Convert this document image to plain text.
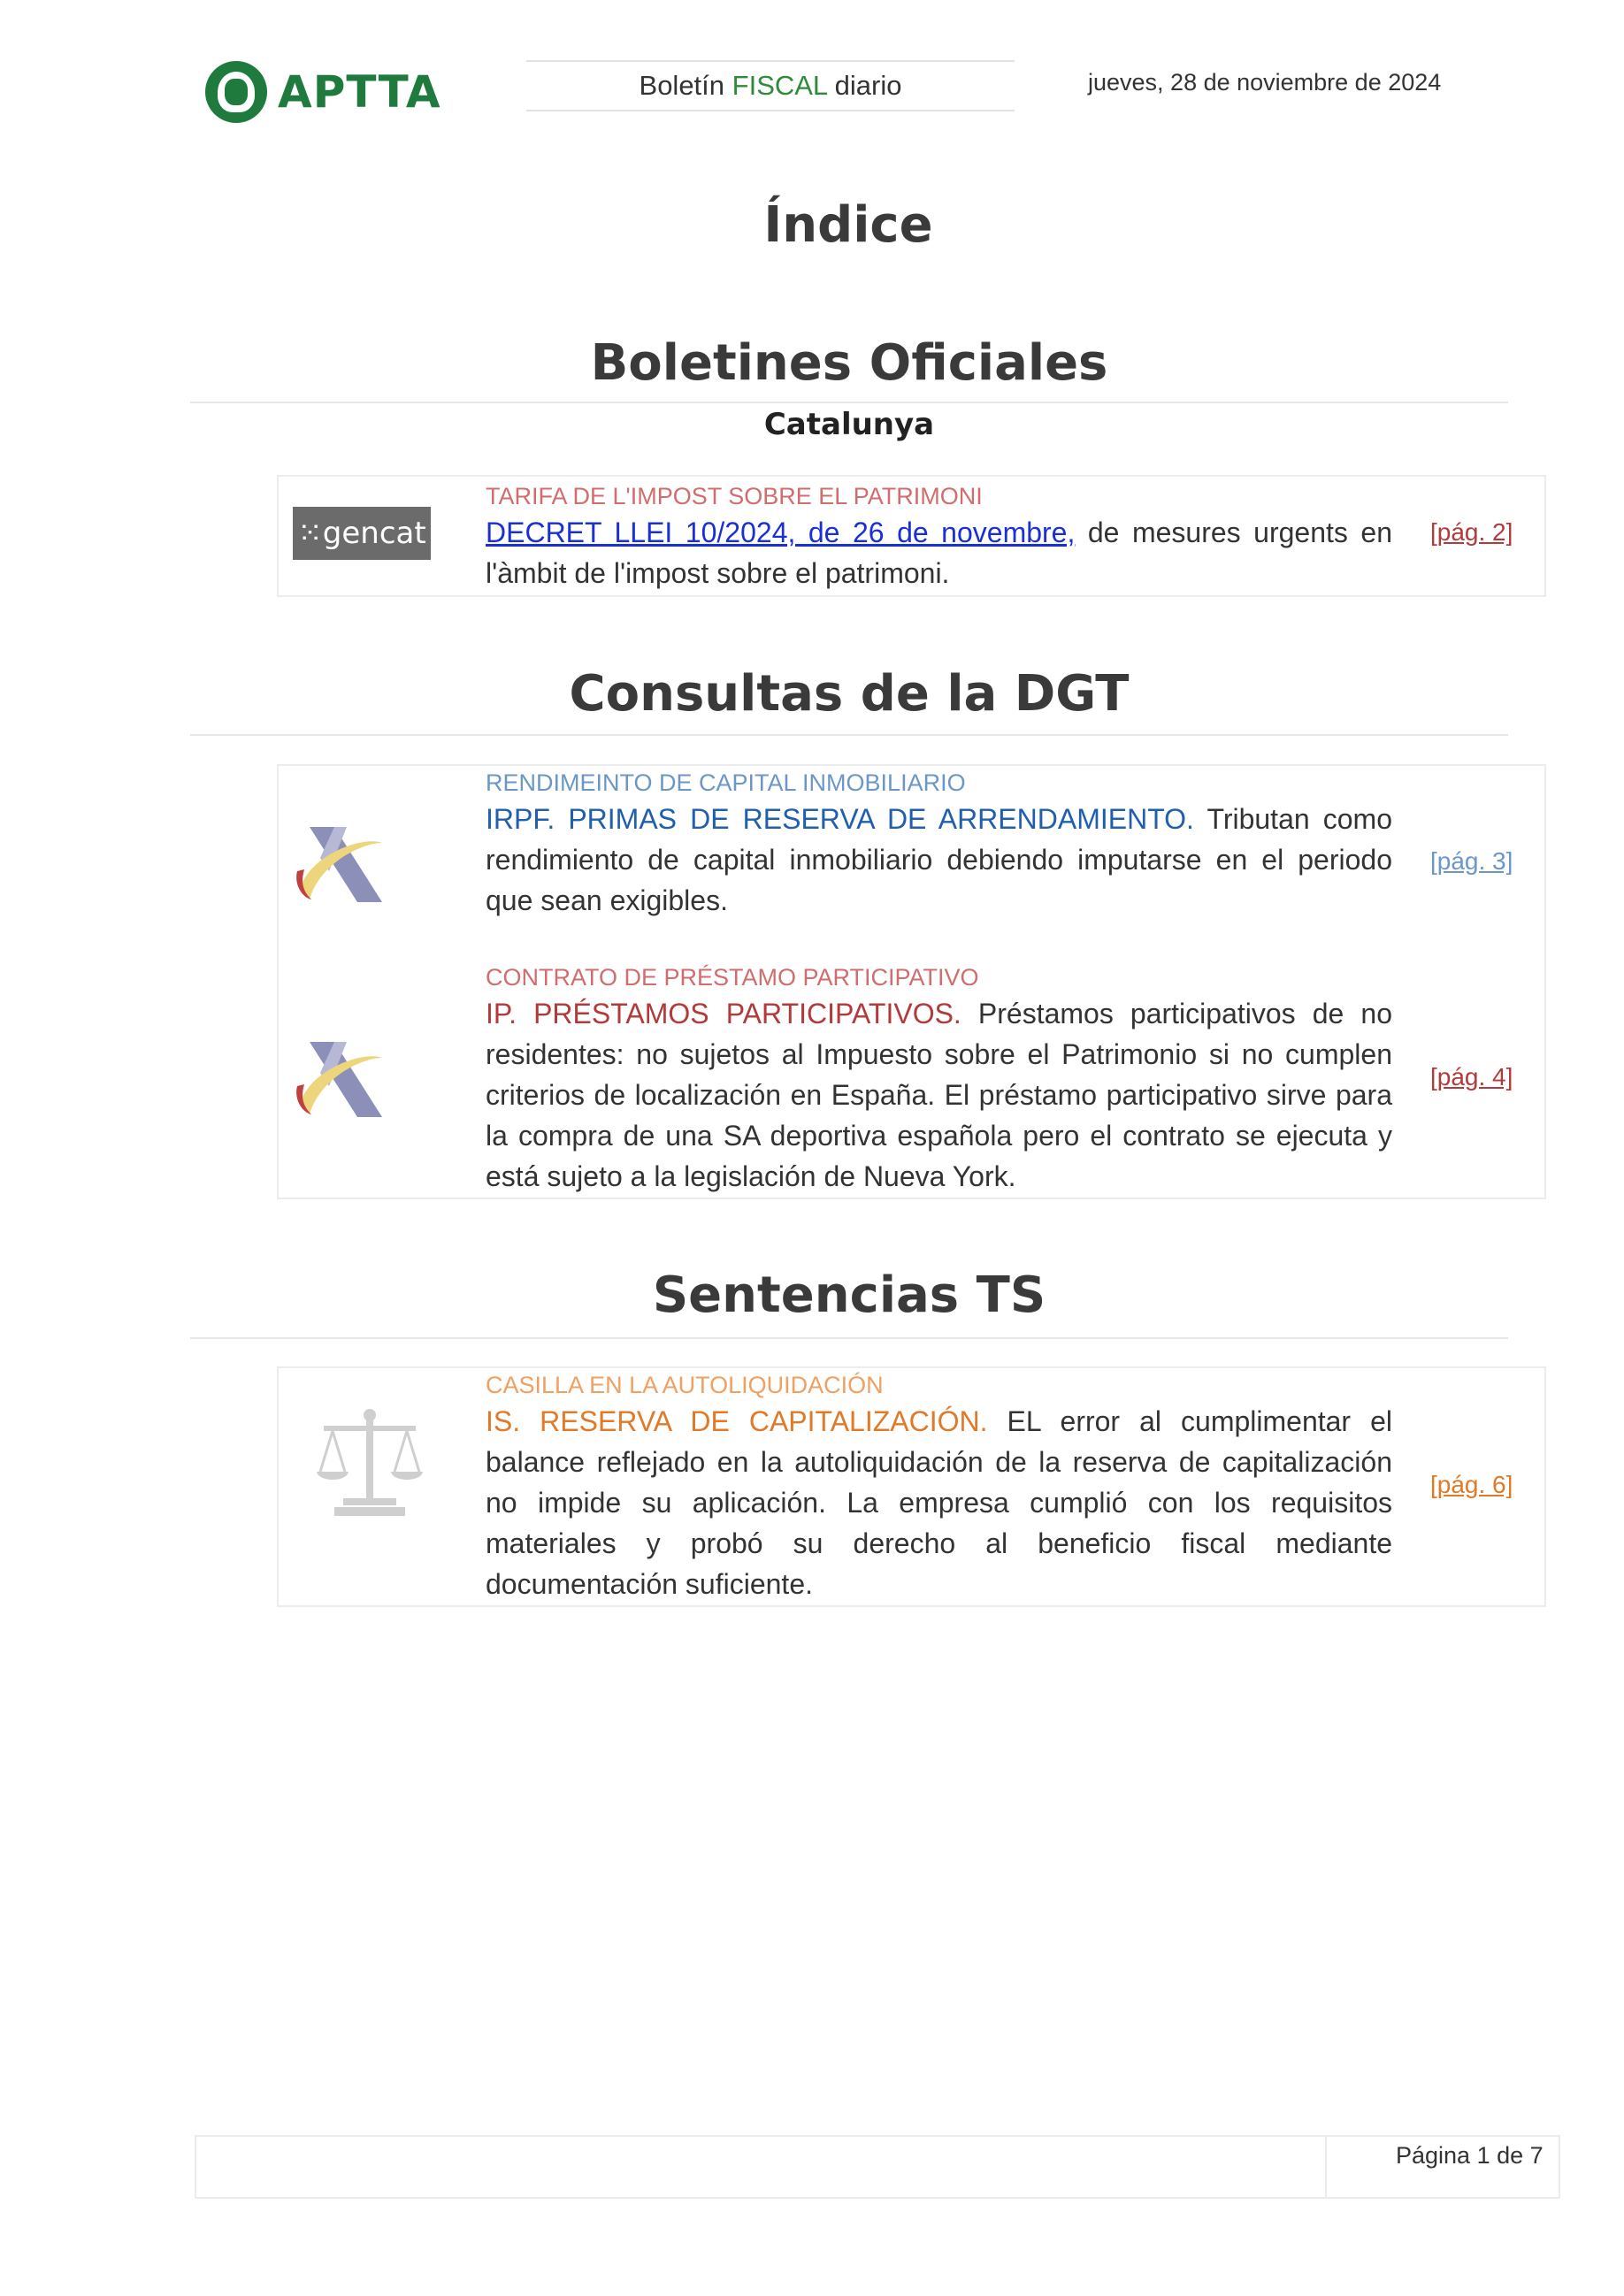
APTTA	Boletín FISCAL diario	jueves, 28 de noviembre de 2024
Índice
Boletines Oficiales
Catalunya
⁙gencat
TARIFA DE L'IMPOST SOBRE EL PATRIMONI
DECRET LLEI 10/2024, de 26 de novembre, de mesures urgents en l'àmbit de l'impost sobre el patrimoni.
[pág. 2]
Consultas de la DGT
RENDIMEINTO DE CAPITAL INMOBILIARIO
IRPF. PRIMAS DE RESERVA DE ARRENDAMIENTO. Tributan como rendimiento de capital inmobiliario debiendo imputarse en el periodo que sean exigibles.
[pág. 3]
CONTRATO DE PRÉSTAMO PARTICIPATIVO
IP. PRÉSTAMOS PARTICIPATIVOS. Préstamos participativos de no residentes: no sujetos al Impuesto sobre el Patrimonio si no cumplen criterios de localización en España. El préstamo participativo sirve para la compra de una SA deportiva española pero el contrato se ejecuta y está sujeto a la legislación de Nueva York.
[pág. 4]
Sentencias TS
CASILLA EN LA AUTOLIQUIDACIÓN
IS. RESERVA DE CAPITALIZACIÓN. EL error al cumplimentar el balance reflejado en la autoliquidación de la reserva de capitalización no impide su aplicación. La empresa cumplió con los requisitos materiales y probó su derecho al beneficio fiscal mediante documentación suficiente.
[pág. 6]
Página 1 de 7
